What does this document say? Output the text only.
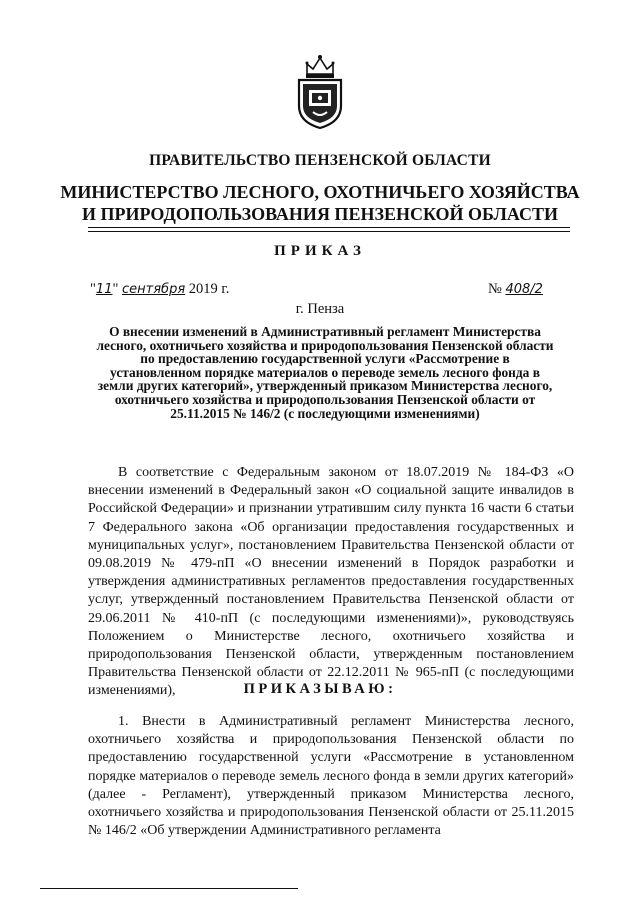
ПРАВИТЕЛЬСТВО ПЕНЗЕНСКОЙ ОБЛАСТИ
МИНИСТЕРСТВО ЛЕСНОГО, ОХОТНИЧЬЕГО ХОЗЯЙСТВА
И ПРИРОДОПОЛЬЗОВАНИЯ ПЕНЗЕНСКОЙ ОБЛАСТИ
ПРИКАЗ
"11" сентября 2019 г.	№ 408/2
г. Пенза
О внесении изменений в Административный регламент Министерства лесного, охотничьего хозяйства и природопользования Пензенской области по предоставлению государственной услуги «Рассмотрение в установленном порядке материалов о переводе земель лесного фонда в земли других категорий», утвержденный приказом Министерства лесного, охотничьего хозяйства и природопользования Пензенской области от 25.11.2015 № 146/2 (с последующими изменениями)
В соответствие с Федеральным законом от 18.07.2019 № 184-ФЗ «О внесении изменений в Федеральный закон «О социальной защите инвалидов в Российской Федерации» и признании утратившим силу пункта 16 части 6 статьи 7 Федерального закона «Об организации предоставления государственных и муниципальных услуг», постановлением Правительства Пензенской области от 09.08.2019 № 479-пП «О внесении изменений в Порядок разработки и утверждения административных регламентов предоставления государственных услуг, утвержденный постановлением Правительства Пензенской области от 29.06.2011 № 410-пП (с последующими изменениями)», руководствуясь Положением о Министерстве лесного, охотничьего хозяйства и природопользования Пензенской области, утвержденным постановлением Правительства Пензенской области от 22.12.2011 № 965-пП (с последующими изменениями),	ПРИКАЗЫВАЮ:
1. Внести в Административный регламент Министерства лесного, охотничьего хозяйства и природопользования Пензенской области по предоставлению государственной услуги «Рассмотрение в установленном порядке материалов о переводе земель лесного фонда в земли других категорий» (далее - Регламент), утвержденный приказом Министерства лесного, охотничьего хозяйства и природопользования Пензенской области от 25.11.2015 № 146/2 «Об утверждении Административного регламента
